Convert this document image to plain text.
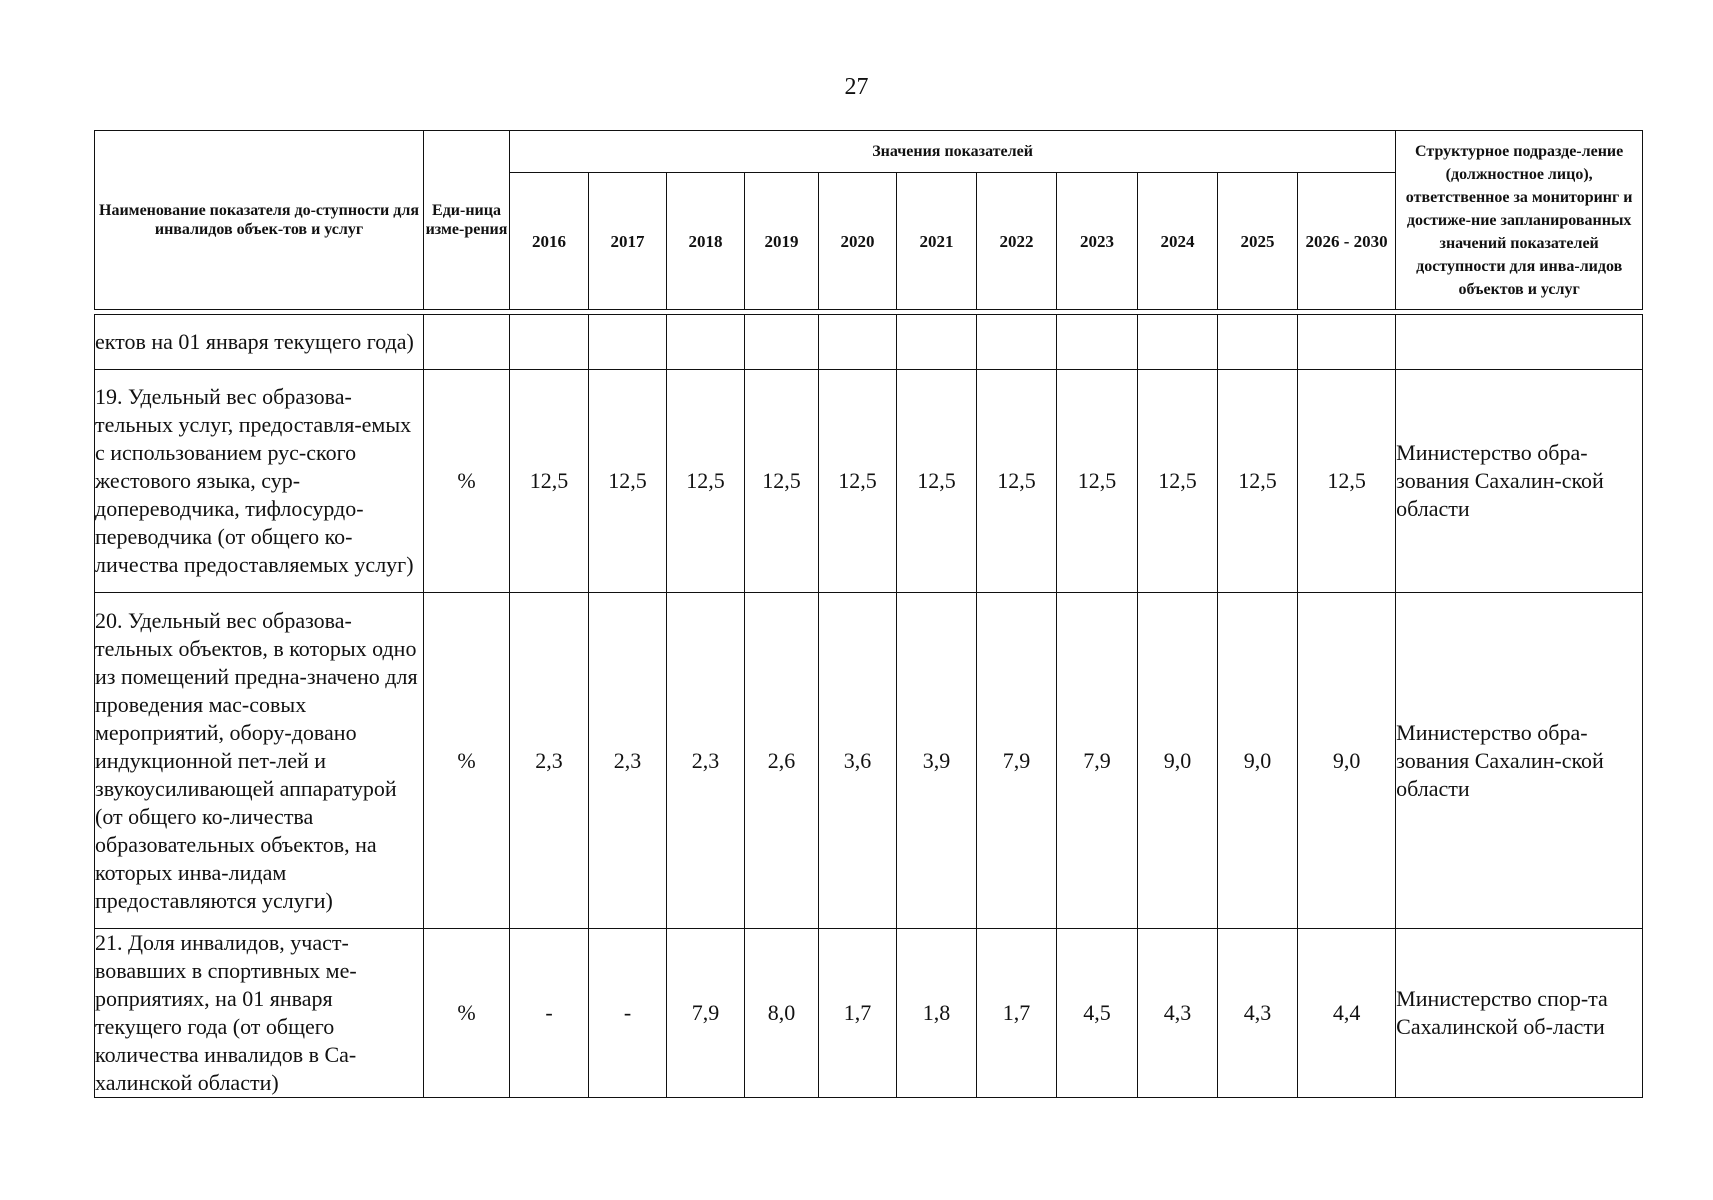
27
Наименование показателя до-ступности для инвалидов объек-тов и услуг	Еди-ница изме-рения	Значения показателей											Структурное подразде-ление (должностное лицо), ответственное за мониторинг и достиже-ние запланированных значений показателей доступности для инва-лидов объектов и услуг
		2016	2017	2018	2019	2020	2021	2022	2023	2024	2025	2026 - 2030	

ектов на 01 января текущего года)													
19. Удельный вес образова-тельных услуг, предоставля-емых с использованием рус-ского жестового языка, сур-допереводчика, тифлосурдо-переводчика (от общего ко-личества предоставляемых услуг)	%	12,5	12,5	12,5	12,5	12,5	12,5	12,5	12,5	12,5	12,5	12,5	Министерство обра-зования Сахалин-ской области
20. Удельный вес образова-тельных объектов, в которых одно из помещений предна-значено для проведения мас-совых мероприятий, обору-довано индукционной пет-лей и звукоусиливающей аппаратурой (от общего ко-личества образовательных объектов, на которых инва-лидам предоставляются услуги)	%	2,3	2,3	2,3	2,6	3,6	3,9	7,9	7,9	9,0	9,0	9,0	Министерство обра-зования Сахалин-ской области
21. Доля инвалидов, участ-вовавших в спортивных ме-роприятиях, на 01 января текущего года (от общего количества инвалидов в Са-халинской области)	%	-	-	7,9	8,0	1,7	1,8	1,7	4,5	4,3	4,3	4,4	Министерство спор-та Сахалинской об-ласти
